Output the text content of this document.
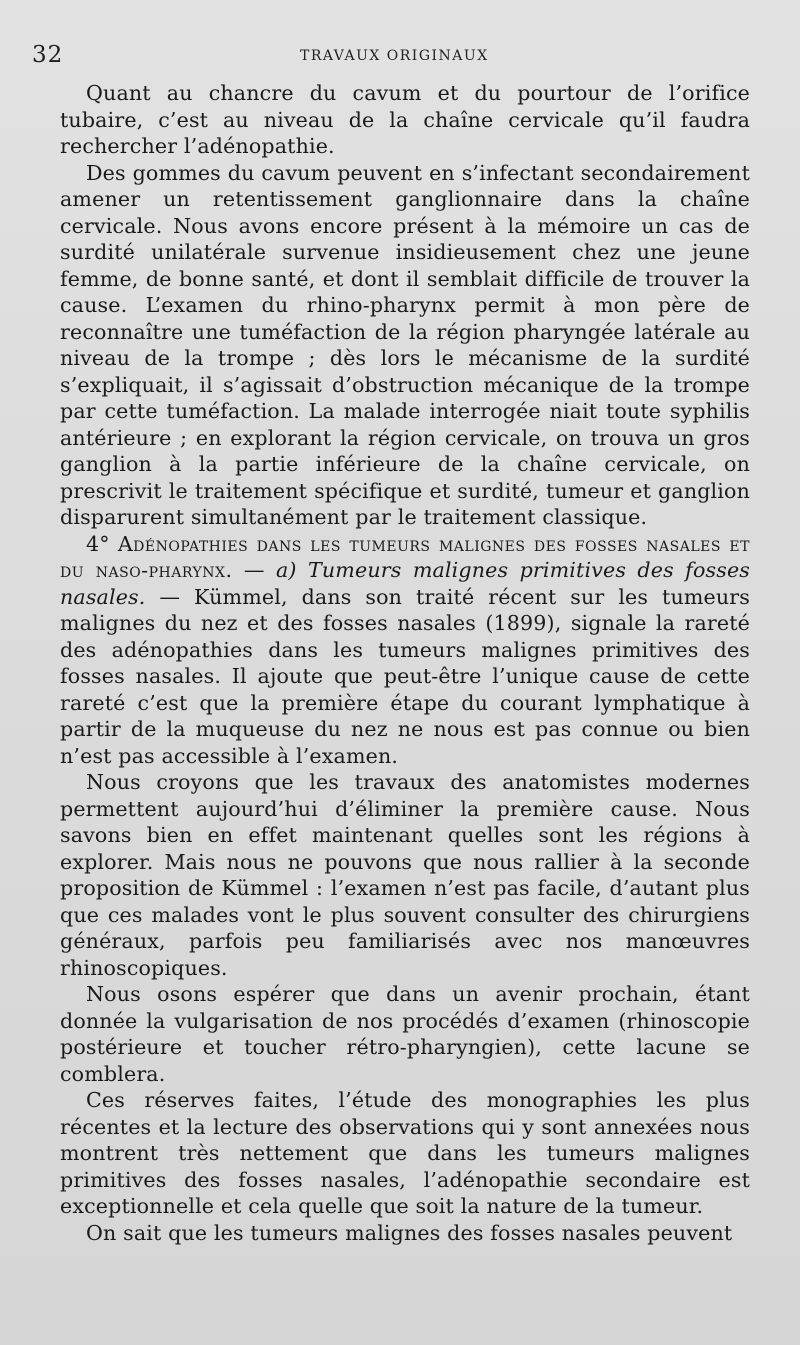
32	TRAVAUX ORIGINAUX

Quant au chancre du cavum et du pourtour de l’orifice tubaire, c’est au niveau de la chaîne cervicale qu’il faudra rechercher l’adénopathie.

Des gommes du cavum peuvent en s’infectant secondairement amener un retentissement ganglionnaire dans la chaîne cervicale. Nous avons encore présent à la mémoire un cas de surdité unilatérale survenue insidieusement chez une jeune femme, de bonne santé, et dont il semblait difficile de trouver la cause. L’examen du rhino-pharynx permit à mon père de reconnaître une tuméfaction de la région pharyngée latérale au niveau de la trompe ; dès lors le mécanisme de la surdité s’expliquait, il s’agissait d’obstruction mécanique de la trompe par cette tuméfaction. La malade interrogée niait toute syphilis antérieure ; en explorant la région cervicale, on trouva un gros ganglion à la partie inférieure de la chaîne cervicale, on prescrivit le traitement spécifique et surdité, tumeur et ganglion disparurent simultanément par le traitement classique.

4° Adénopathies dans les tumeurs malignes des fosses nasales et du naso-pharynx. — a) Tumeurs malignes primitives des fosses nasales. — Kümmel, dans son traité récent sur les tumeurs malignes du nez et des fosses nasales (1899), signale la rareté des adénopathies dans les tumeurs malignes primitives des fosses nasales. Il ajoute que peut-être l’unique cause de cette rareté c’est que la première étape du courant lymphatique à partir de la muqueuse du nez ne nous est pas connue ou bien n’est pas accessible à l’examen.

Nous croyons que les travaux des anatomistes modernes permettent aujourd’hui d’éliminer la première cause. Nous savons bien en effet maintenant quelles sont les régions à explorer. Mais nous ne pouvons que nous rallier à la seconde proposition de Kümmel : l’examen n’est pas facile, d’autant plus que ces malades vont le plus souvent consulter des chirurgiens généraux, parfois peu familiarisés avec nos manœuvres rhinoscopiques.

Nous osons espérer que dans un avenir prochain, étant donnée la vulgarisation de nos procédés d’examen (rhinoscopie postérieure et toucher rétro-pharyngien), cette lacune se comblera.

Ces réserves faites, l’étude des monographies les plus récentes et la lecture des observations qui y sont annexées nous montrent très nettement que dans les tumeurs malignes primitives des fosses nasales, l’adénopathie secondaire est exceptionnelle et cela quelle que soit la nature de la tumeur.

On sait que les tumeurs malignes des fosses nasales peuvent
